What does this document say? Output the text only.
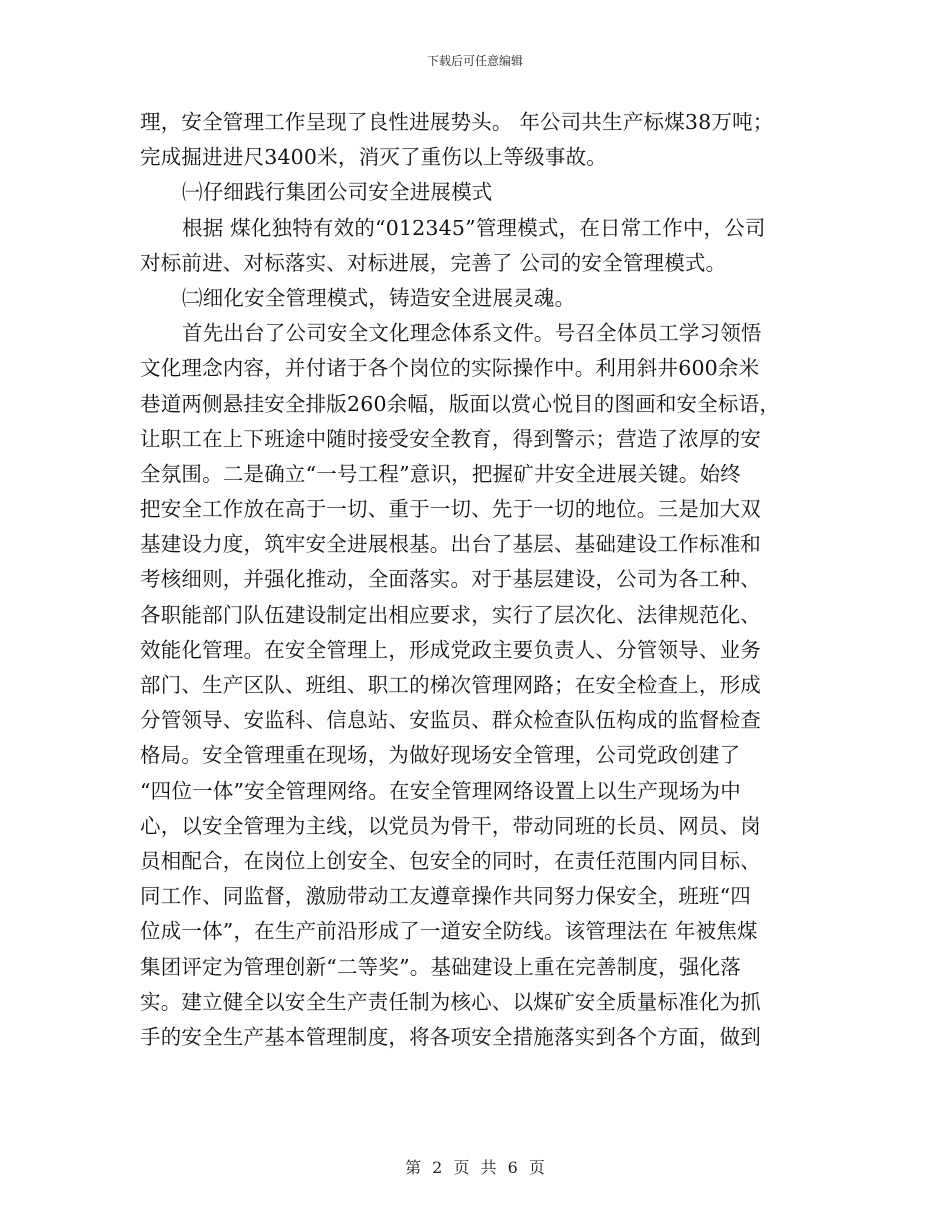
下载后可任意编辑
理，安全管理工作呈现了良性进展势头。 年公司共生产标煤38万吨；
完成掘进进尺3400米，消灭了重伤以上等级事故。
㈠仔细践行集团公司安全进展模式
根据 煤化独特有效的“012345”管理模式，在日常工作中，公司
对标前进、对标落实、对标进展，完善了 公司的安全管理模式。
㈡细化安全管理模式，铸造安全进展灵魂。
首先出台了公司安全文化理念体系文件。号召全体员工学习领悟
文化理念内容，并付诸于各个岗位的实际操作中。利用斜井600余米
巷道两侧悬挂安全排版260余幅，版面以赏心悦目的图画和安全标语，
让职工在上下班途中随时接受安全教育，得到警示；营造了浓厚的安
全氛围。二是确立“一号工程”意识，把握矿井安全进展关键。始终
把安全工作放在高于一切、重于一切、先于一切的地位。三是加大双
基建设力度，筑牢安全进展根基。出台了基层、基础建设工作标准和
考核细则，并强化推动，全面落实。对于基层建设，公司为各工种、
各职能部门队伍建设制定出相应要求，实行了层次化、法律规范化、
效能化管理。在安全管理上，形成党政主要负责人、分管领导、业务
部门、生产区队、班组、职工的梯次管理网路；在安全检查上，形成
分管领导、安监科、信息站、安监员、群众检查队伍构成的监督检查
格局。安全管理重在现场，为做好现场安全管理，公司党政创建了
“四位一体”安全管理网络。在安全管理网络设置上以生产现场为中
心，以安全管理为主线，以党员为骨干，带动同班的长员、网员、岗
员相配合，在岗位上创安全、包安全的同时，在责任范围内同目标、
同工作、同监督，激励带动工友遵章操作共同努力保安全，班班“四
位成一体”，在生产前沿形成了一道安全防线。该管理法在 年被焦煤
集团评定为管理创新“二等奖”。基础建设上重在完善制度，强化落
实。建立健全以安全生产责任制为核心、以煤矿安全质量标准化为抓
手的安全生产基本管理制度，将各项安全措施落实到各个方面，做到
第 2 页 共 6 页
